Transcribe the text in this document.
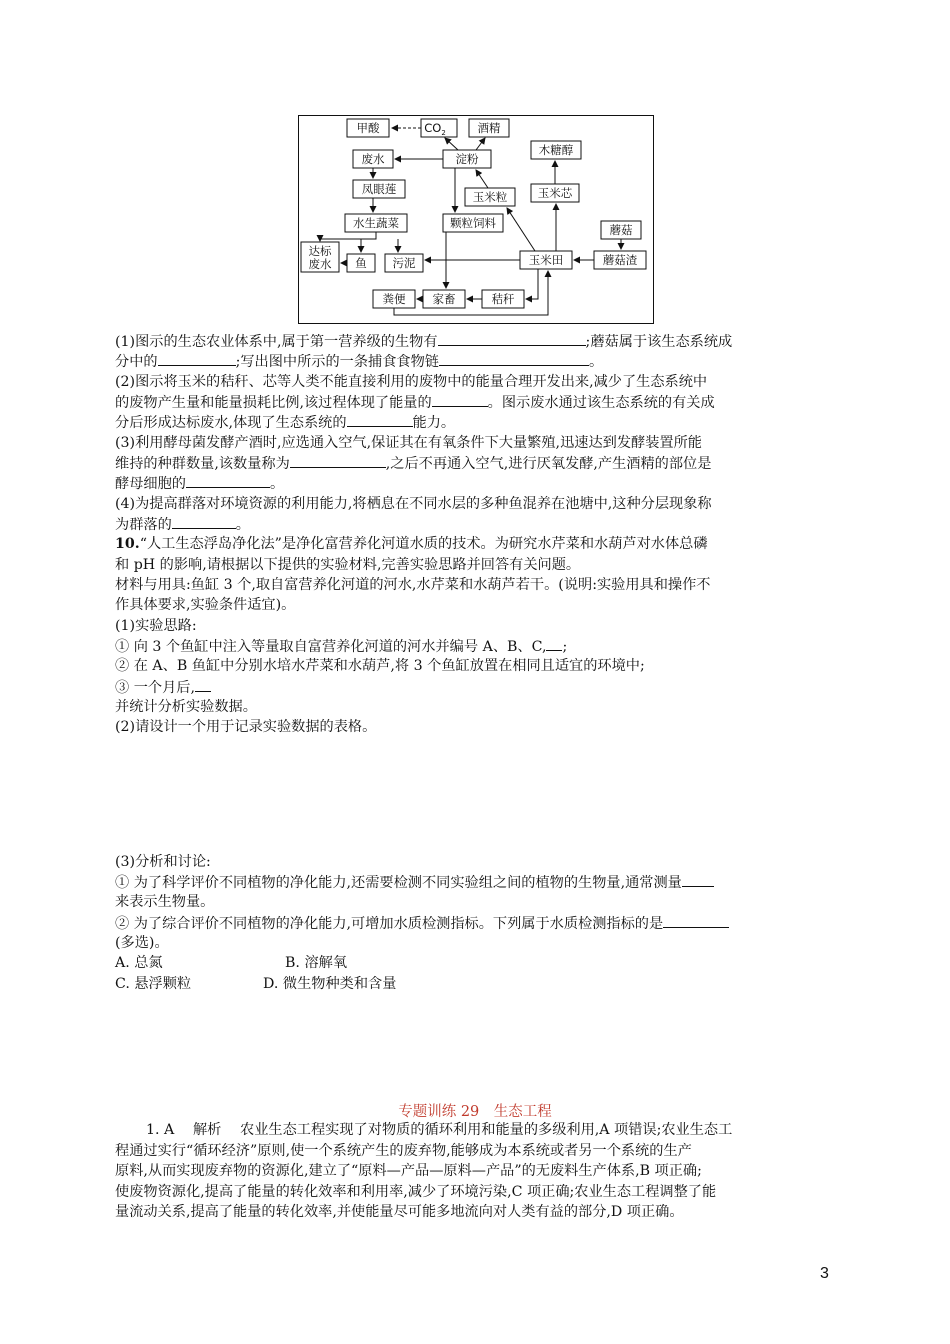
甲酸	$CO_2$	酒精
木糖醇
废水	淀粉
凤眼莲
玉米粒	玉米芯
水生蔬菜	颗粒饲料	蘑菇
达标
废水 鱼 污泥	玉米田	蘑菇渣
粪便 家畜	秸秆
(1)图示的生态农业体系中,属于第一营养级的生物有	;蘑菇属于该生态系统成
分中的	;写出图中所示的一条捕食食物链	。
(2)图示将玉米的秸秆、芯等人类不能直接利用的废物中的能量合理开发出来,减少了生态系统中
的废物产生量和能量损耗比例,该过程体现了能量的	。图示废水通过该生态系统的有关成
分后形成达标废水,体现了生态系统的	能力。
(3)利用酵母菌发酵产酒时,应选通入空气,保证其在有氧条件下大量繁殖,迅速达到发酵装置所能
维持的种群数量,该数量称为	,之后不再通入空气,进行厌氧发酵,产生酒精的部位是
酵母细胞的	。
(4)为提高群落对环境资源的利用能力,将栖息在不同水层的多种鱼混养在池塘中,这种分层现象称
为群落的	。
10.“人工生态浮岛净化法”是净化富营养化河道水质的技术。为研究水芹菜和水葫芦对水体总磷
和 pH 的影响,请根据以下提供的实验材料,完善实验思路并回答有关问题。
材料与用具:鱼缸 3 个,取自富营养化河道的河水,水芹菜和水葫芦若干。(说明:实验用具和操作不
作具体要求,实验条件适宜)。
(1)实验思路:
① 向 3 个鱼缸中注入等量取自富营养化河道的河水并编号 A、B、C, ;
② 在 A、B 鱼缸中分别水培水芹菜和水葫芦,将 3 个鱼缸放置在相同且适宜的环境中;
③ 一个月后,
并统计分析实验数据。
(2)请设计一个用于记录实验数据的表格。
(3)分析和讨论:
① 为了科学评价不同植物的净化能力,还需要检测不同实验组之间的植物的生物量,通常测量
来表示生物量。
② 为了综合评价不同植物的净化能力,可增加水质检测指标。下列属于水质检测指标的是
(多选)。
A. 总氮	B. 溶解氧
C. 悬浮颗粒	D. 微生物种类和含量
专题训练 29　生态工程
1. A　 解析　 农业生态工程实现了对物质的循环利用和能量的多级利用,A 项错误;农业生态工
程通过实行“循环经济”原则,使一个系统产生的废弃物,能够成为本系统或者另一个系统的生产
原料,从而实现废弃物的资源化,建立了“原料—产品—原料—产品”的无废料生产体系,B 项正确;
使废物资源化,提高了能量的转化效率和利用率,减少了环境污染,C 项正确;农业生态工程调整了能
量流动关系,提高了能量的转化效率,并使能量尽可能多地流向对人类有益的部分,D 项正确。
3
